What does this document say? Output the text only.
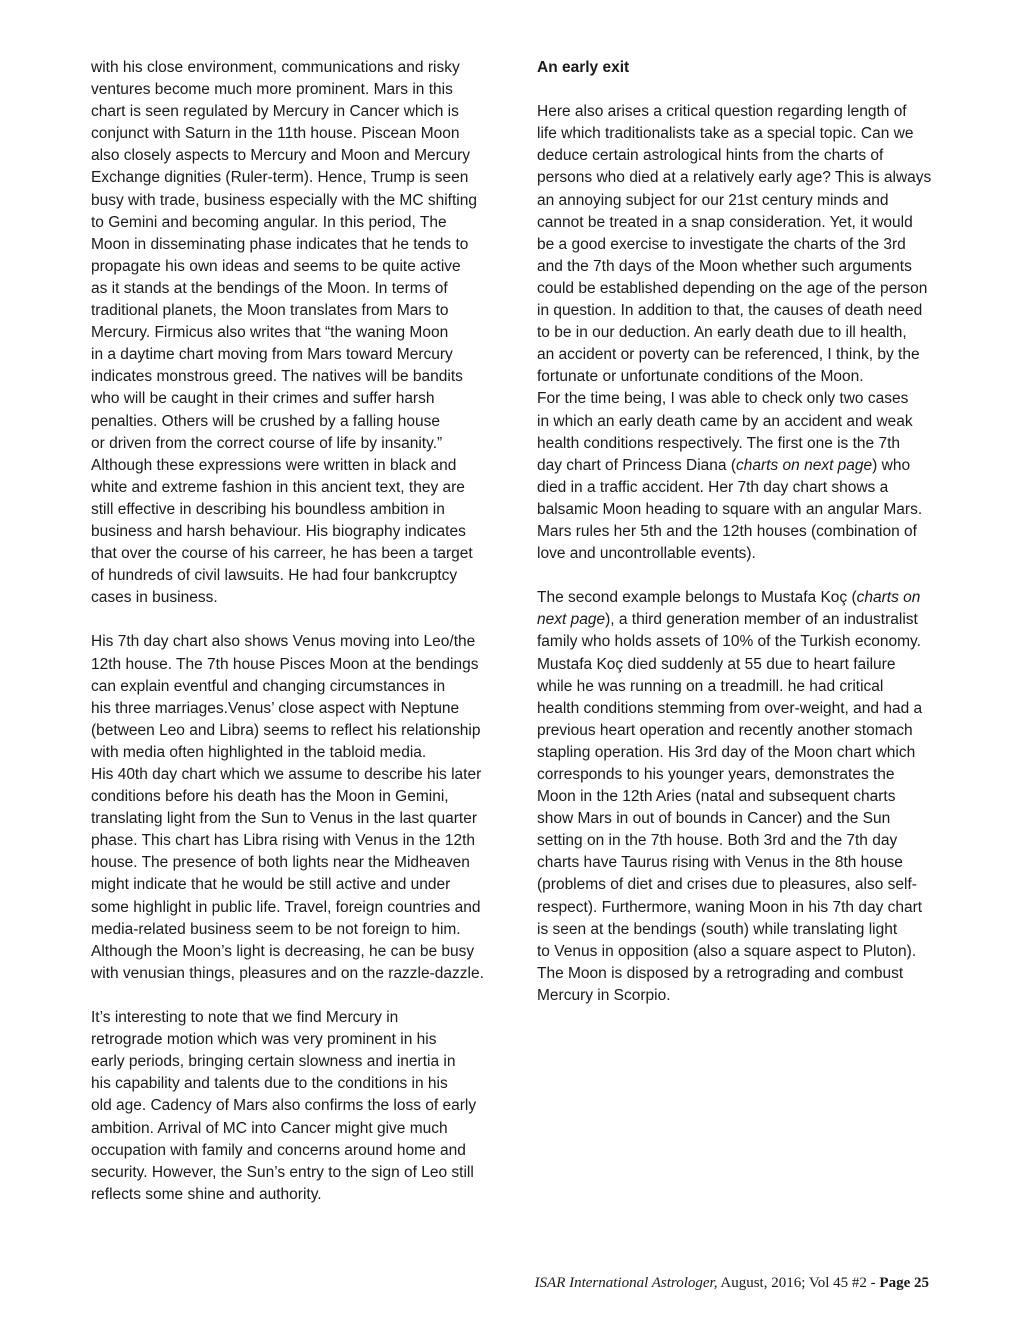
with his close environment, communications and risky
ventures become much more prominent. Mars in this
chart is seen regulated by Mercury in Cancer which is
conjunct with Saturn in the 11th house. Piscean Moon
also closely aspects to Mercury and Moon and Mercury
Exchange dignities (Ruler-term). Hence, Trump is seen
busy with trade, business especially with the MC shifting
to Gemini and becoming angular. In this period, The
Moon in disseminating phase indicates that he tends to
propagate his own ideas and seems to be quite active
as it stands at the bendings of the Moon. In terms of
traditional planets, the Moon translates from Mars to
Mercury. Firmicus also writes that “the waning Moon
in a daytime chart moving from Mars toward Mercury
indicates monstrous greed. The natives will be bandits
who will be caught in their crimes and suffer harsh
penalties. Others will be crushed by a falling house
or driven from the correct course of life by insanity.”
Although these expressions were written in black and
white and extreme fashion in this ancient text, they are
still effective in describing his boundless ambition in
business and harsh behaviour. His biography indicates
that over the course of his carreer, he has been a target
of hundreds of civil lawsuits. He had four bankcruptcy
cases in business.
His 7th day chart also shows Venus moving into Leo/the
12th house. The 7th house Pisces Moon at the bendings
can explain eventful and changing circumstances in
his three marriages.Venus’ close aspect with Neptune
(between Leo and Libra) seems to reflect his relationship
with media often highlighted in the tabloid media.
His 40th day chart which we assume to describe his later
conditions before his death has the Moon in Gemini,
translating light from the Sun to Venus in the last quarter
phase. This chart has Libra rising with Venus in the 12th
house. The presence of both lights near the Midheaven
might indicate that he would be still active and under
some highlight in public life. Travel, foreign countries and
media-related business seem to be not foreign to him.
Although the Moon’s light is decreasing, he can be busy
with venusian things, pleasures and on the razzle-dazzle.
It’s interesting to note that we find Mercury in
retrograde motion which was very prominent in his
early periods, bringing certain slowness and inertia in
his capability and talents due to the conditions in his
old age. Cadency of Mars also confirms the loss of early
ambition. Arrival of MC into Cancer might give much
occupation with family and concerns around home and
security. However, the Sun’s entry to the sign of Leo still
reflects some shine and authority.
An early exit
Here also arises a critical question regarding length of
life which traditionalists take as a special topic. Can we
deduce certain astrological hints from the charts of
persons who died at a relatively early age? This is always
an annoying subject for our 21st century minds and
cannot be treated in a snap consideration. Yet, it would
be a good exercise to investigate the charts of the 3rd
and the 7th days of the Moon whether such arguments
could be established depending on the age of the person
in question. In addition to that, the causes of death need
to be in our deduction. An early death due to ill health,
an accident or poverty can be referenced, I think, by the
fortunate or unfortunate conditions of the Moon.
For the time being, I was able to check only two cases
in which an early death came by an accident and weak
health conditions respectively. The first one is the 7th
day chart of Princess Diana (charts on next page) who
died in a traffic accident. Her 7th day chart shows a
balsamic Moon heading to square with an angular Mars.
Mars rules her 5th and the 12th houses (combination of
love and uncontrollable events).
The second example belongs to Mustafa Koç (charts on
next page), a third generation member of an industralist
family who holds assets of 10% of the Turkish economy.
Mustafa Koç died suddenly at 55 due to heart failure
while he was running on a treadmill. he had critical
health conditions stemming from over-weight, and had a
previous heart operation and recently another stomach
stapling operation. His 3rd day of the Moon chart which
corresponds to his younger years, demonstrates the
Moon in the 12th Aries (natal and subsequent charts
show Mars in out of bounds in Cancer) and the Sun
setting on in the 7th house. Both 3rd and the 7th day
charts have Taurus rising with Venus in the 8th house
(problems of diet and crises due to pleasures, also self-
respect). Furthermore, waning Moon in his 7th day chart
is seen at the bendings (south) while translating light
to Venus in opposition (also a square aspect to Pluton).
The Moon is disposed by a retrograding and combust
Mercury in Scorpio.
ISAR International Astrologer, August, 2016; Vol 45 #2 - Page 25
